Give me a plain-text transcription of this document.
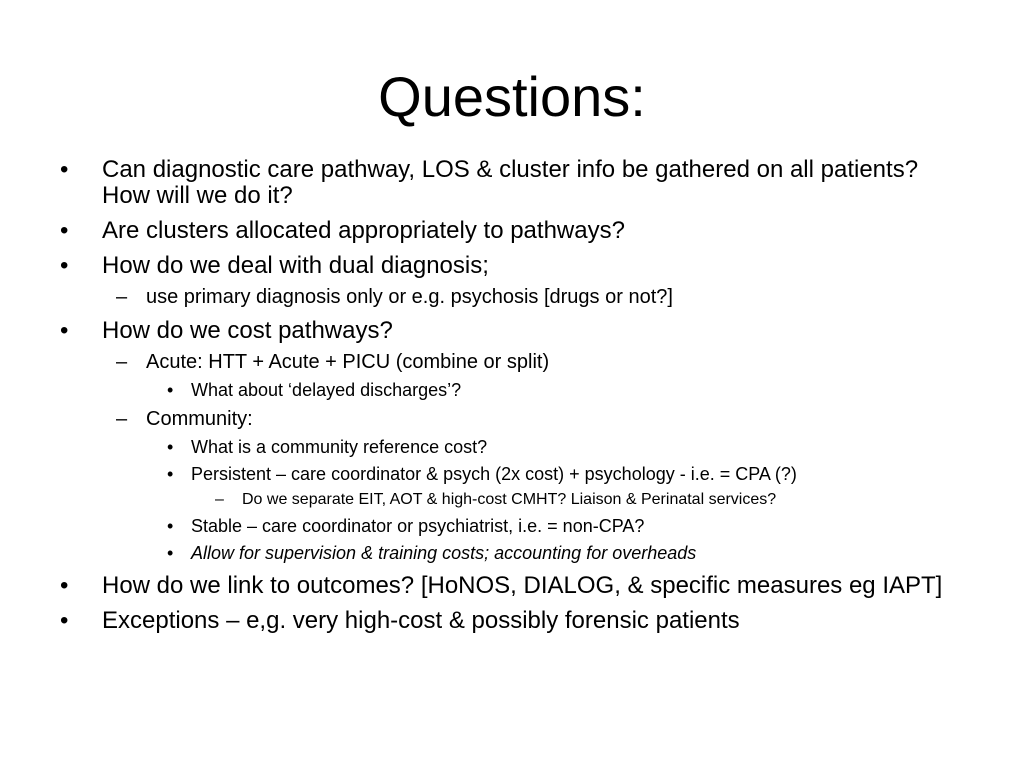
Questions:
• Can diagnostic care pathway, LOS & cluster info be gathered on all patients? How will we do it?
• Are clusters allocated appropriately to pathways?
• How do we deal with dual diagnosis;
– use primary diagnosis only or e.g. psychosis [drugs or not?]
• How do we cost pathways?
– Acute: HTT + Acute + PICU (combine or split)
• What about ‘delayed discharges’?
– Community:
• What is a community reference cost?
• Persistent – care coordinator & psych (2x cost) + psychology - i.e. = CPA (?)
– Do we separate EIT, AOT & high-cost CMHT? Liaison & Perinatal services?
• Stable – care coordinator or psychiatrist, i.e. = non-CPA?
• Allow for supervision & training costs; accounting for overheads
• How do we link to outcomes? [HoNOS, DIALOG, & specific measures eg IAPT]
• Exceptions – e,g. very high-cost & possibly forensic patients
